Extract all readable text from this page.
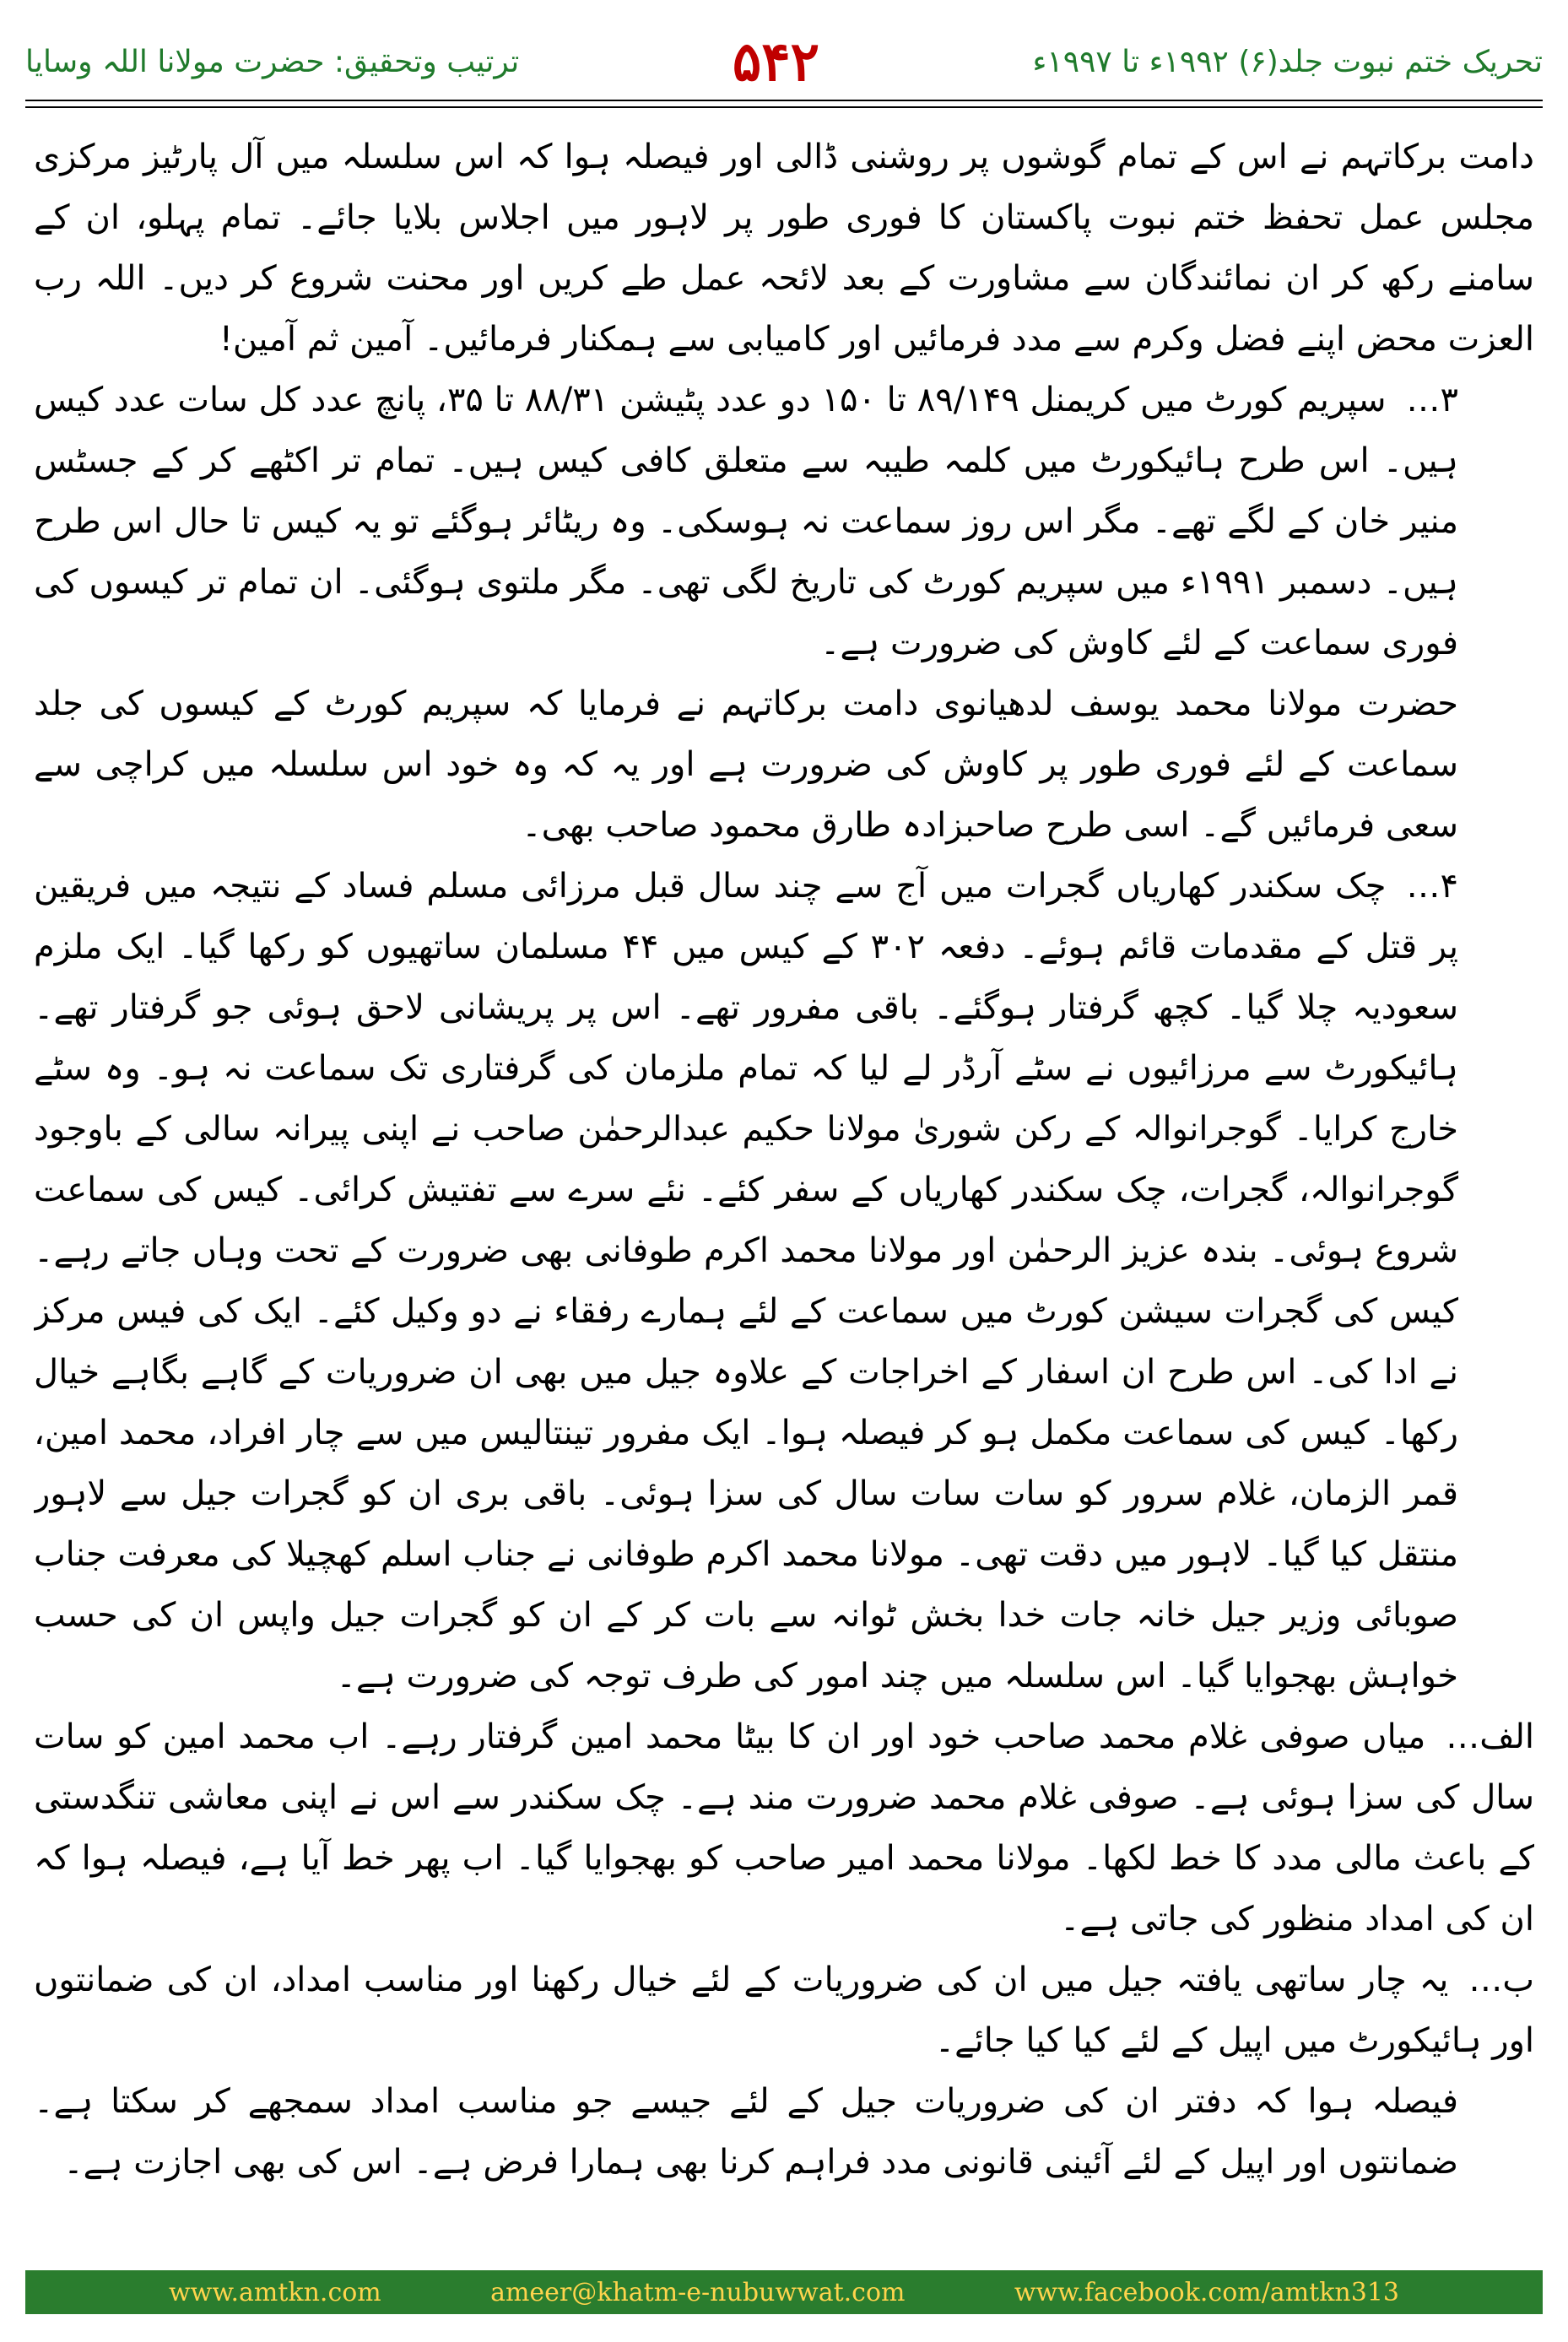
تحریک ختم نبوت جلد(۶) ۱۹۹۲ء تا ۱۹۹۷ء
۵۴۲
ترتیب وتحقیق: حضرت مولانا اللہ وسایا

دامت برکاتہم نے اس کے تمام گوشوں پر روشنی ڈالی اور فیصلہ ہوا کہ اس سلسلہ میں آل پارٹیز مرکزی مجلس عمل تحفظ ختم نبوت پاکستان کا فوری طور پر لاہور میں اجلاس بلایا جائے۔ تمام پہلو، ان کے سامنے رکھ کر ان نمائندگان سے مشاورت کے بعد لائحہ عمل طے کریں اور محنت شروع کر دیں۔ اللہ رب العزت محض اپنے فضل وکرم سے مدد فرمائیں اور کامیابی سے ہمکنار فرمائیں۔ آمین ثم آمین!

۳…سپریم کورٹ میں کریمنل ۸۹/۱۴۹ تا ۱۵۰ دو عدد پٹیشن ۸۸/۳۱ تا ۳۵، پانچ عدد کل سات عدد کیس ہیں۔ اس طرح ہائیکورٹ میں کلمہ طیبہ سے متعلق کافی کیس ہیں۔ تمام تر اکٹھے کر کے جسٹس منیر خان کے لگے تھے۔ مگر اس روز سماعت نہ ہوسکی۔ وہ ریٹائر ہوگئے تو یہ کیس تا حال اس طرح ہیں۔ دسمبر ۱۹۹۱ء میں سپریم کورٹ کی تاریخ لگی تھی۔ مگر ملتوی ہوگئی۔ ان تمام تر کیسوں کی فوری سماعت کے لئے کاوش کی ضرورت ہے۔

حضرت مولانا محمد یوسف لدھیانوی دامت برکاتہم نے فرمایا کہ سپریم کورٹ کے کیسوں کی جلد سماعت کے لئے فوری طور پر کاوش کی ضرورت ہے اور یہ کہ وہ خود اس سلسلہ میں کراچی سے سعی فرمائیں گے۔ اسی طرح صاحبزادہ طارق محمود صاحب بھی۔

۴…چک سکندر کھاریاں گجرات میں آج سے چند سال قبل مرزائی مسلم فساد کے نتیجہ میں فریقین پر قتل کے مقدمات قائم ہوئے۔ دفعہ ۳۰۲ کے کیس میں ۴۴ مسلمان ساتھیوں کو رکھا گیا۔ ایک ملزم سعودیہ چلا گیا۔ کچھ گرفتار ہوگئے۔ باقی مفرور تھے۔ اس پر پریشانی لاحق ہوئی جو گرفتار تھے۔ ہائیکورٹ سے مرزائیوں نے سٹے آرڈر لے لیا کہ تمام ملزمان کی گرفتاری تک سماعت نہ ہو۔ وہ سٹے خارج کرایا۔ گوجرانوالہ کے رکن شوریٰ مولانا حکیم عبدالرحمٰن صاحب نے اپنی پیرانہ سالی کے باوجود گوجرانوالہ، گجرات، چک سکندر کھاریاں کے سفر کئے۔ نئے سرے سے تفتیش کرائی۔ کیس کی سماعت شروع ہوئی۔ بندہ عزیز الرحمٰن اور مولانا محمد اکرم طوفانی بھی ضرورت کے تحت وہاں جاتے رہے۔ کیس کی گجرات سیشن کورٹ میں سماعت کے لئے ہمارے رفقاء نے دو وکیل کئے۔ ایک کی فیس مرکز نے ادا کی۔ اس طرح ان اسفار کے اخراجات کے علاوہ جیل میں بھی ان ضروریات کے گاہے بگاہے خیال رکھا۔ کیس کی سماعت مکمل ہو کر فیصلہ ہوا۔ ایک مفرور تینتالیس میں سے چار افراد، محمد امین، قمر الزمان، غلام سرور کو سات سات سال کی سزا ہوئی۔ باقی بری ان کو گجرات جیل سے لاہور منتقل کیا گیا۔ لاہور میں دقت تھی۔ مولانا محمد اکرم طوفانی نے جناب اسلم کھچیلا کی معرفت جناب صوبائی وزیر جیل خانہ جات خدا بخش ٹوانہ سے بات کر کے ان کو گجرات جیل واپس ان کی حسب خواہش بھجوایا گیا۔ اس سلسلہ میں چند امور کی طرف توجہ کی ضرورت ہے۔

الف…میاں صوفی غلام محمد صاحب خود اور ان کا بیٹا محمد امین گرفتار رہے۔ اب محمد امین کو سات سال کی سزا ہوئی ہے۔ صوفی غلام محمد ضرورت مند ہے۔ چک سکندر سے اس نے اپنی معاشی تنگدستی کے باعث مالی مدد کا خط لکھا۔ مولانا محمد امیر صاحب کو بھجوایا گیا۔ اب پھر خط آیا ہے، فیصلہ ہوا کہ ان کی امداد منظور کی جاتی ہے۔

ب…یہ چار ساتھی یافتہ جیل میں ان کی ضروریات کے لئے خیال رکھنا اور مناسب امداد، ان کی ضمانتوں اور ہائیکورٹ میں اپیل کے لئے کیا کیا جائے۔

فیصلہ ہوا کہ دفتر ان کی ضروریات جیل کے لئے جیسے جو مناسب امداد سمجھے کر سکتا ہے۔ ضمانتوں اور اپیل کے لئے آئینی قانونی مدد فراہم کرنا بھی ہمارا فرض ہے۔ اس کی بھی اجازت ہے۔

www.amtkn.com	ameer@khatm-e-nubuwwat.com	www.facebook.com/amtkn313
